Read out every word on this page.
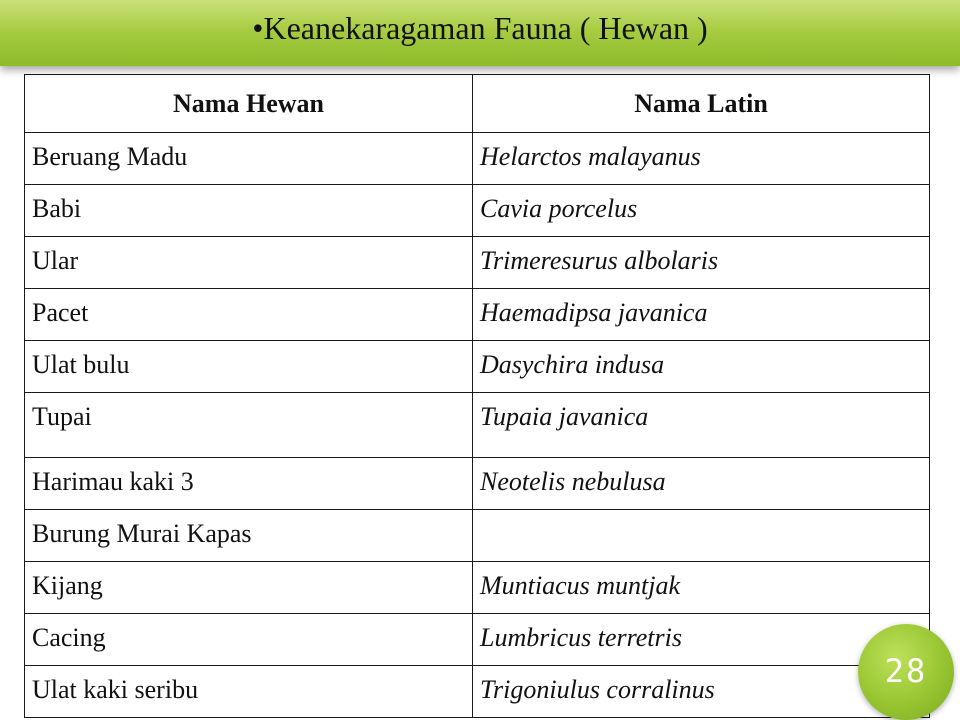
•Keanekaragaman Fauna ( Hewan )
Nama Hewan	Nama Latin
Beruang Madu	Helarctos malayanus
Babi	Cavia porcelus
Ular	Trimeresurus albolaris
Pacet	Haemadipsa javanica
Ulat bulu	Dasychira indusa
Tupai	Tupaia javanica
Harimau kaki 3	Neotelis nebulusa
Burung Murai Kapas	
Kijang	Muntiacus muntjak
Cacing	Lumbricus terretris
Ulat kaki seribu	Trigoniulus corralinus	28
